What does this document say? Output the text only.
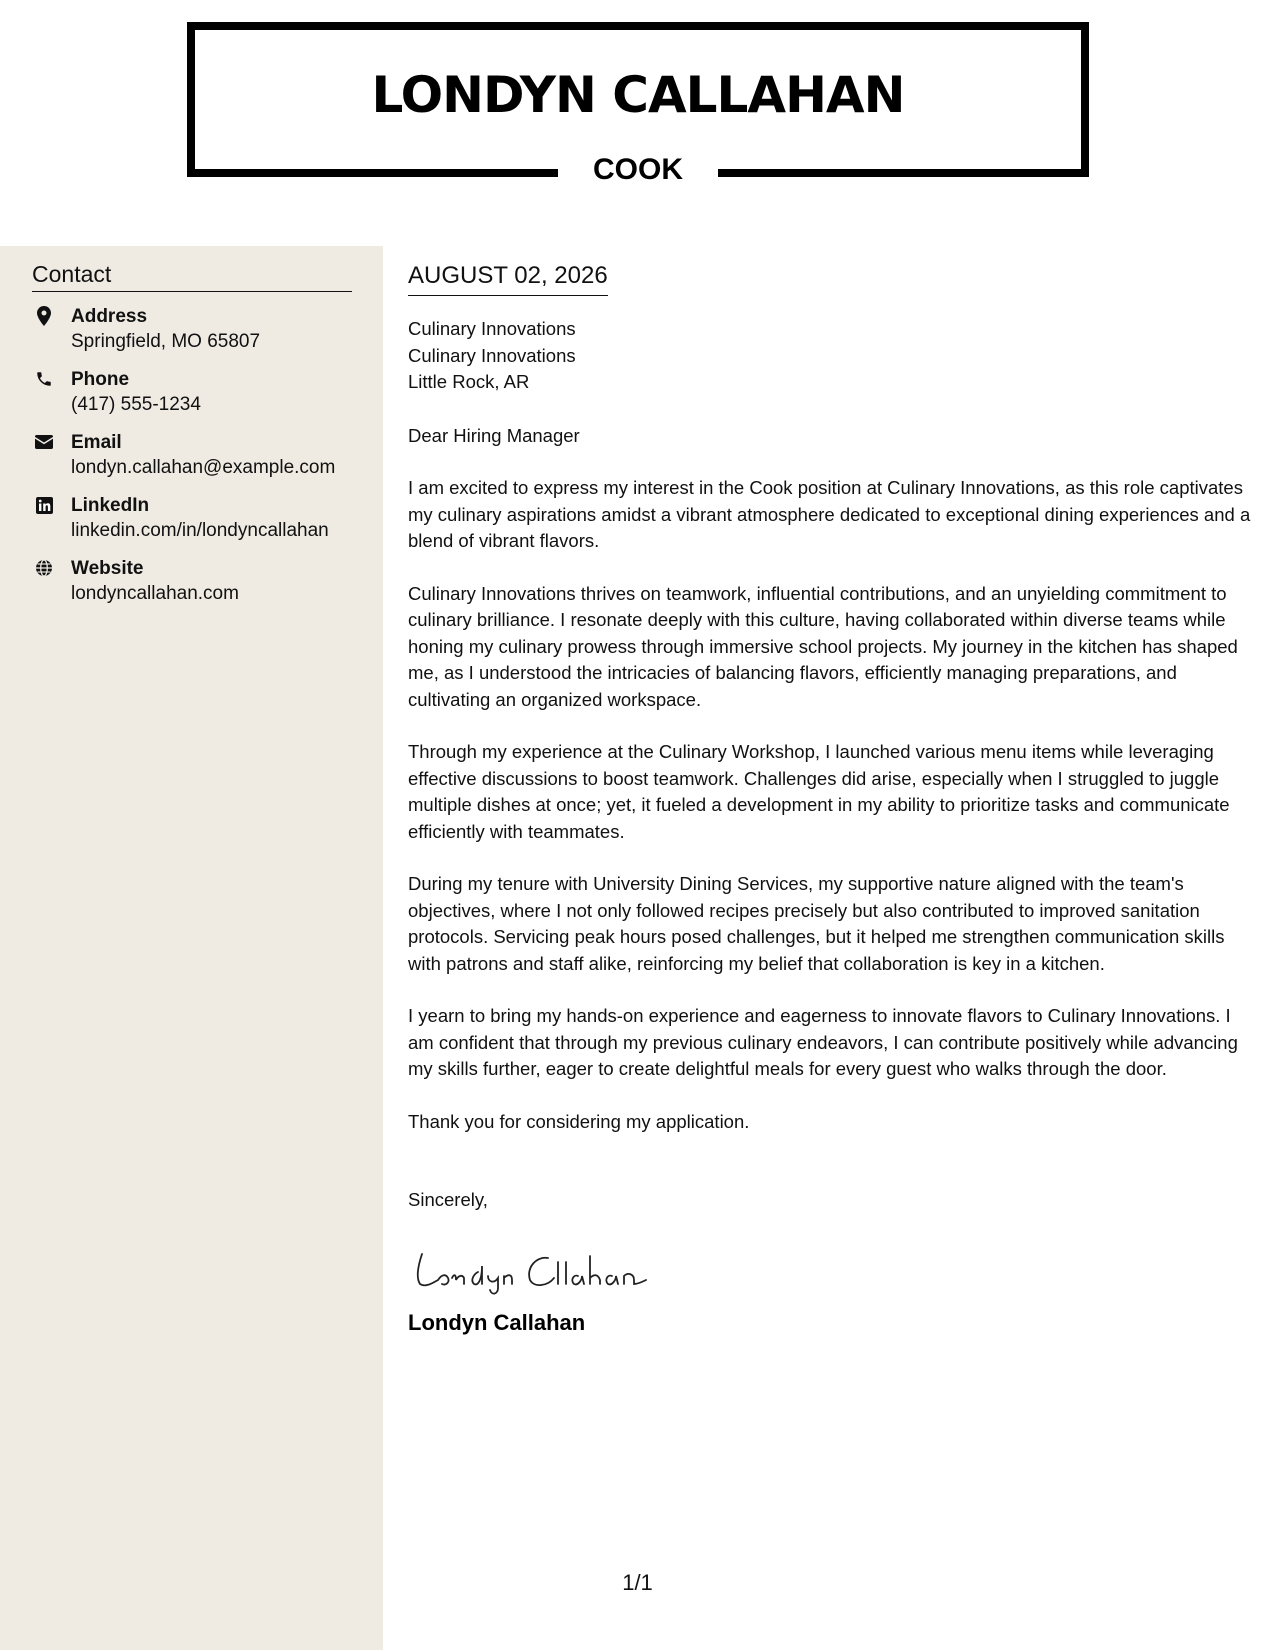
LONDYN CALLAHAN
COOK
Contact
Address
Springfield, MO 65807
Phone
(417) 555-1234
Email
londyn.callahan@example.com
LinkedIn
linkedin.com/in/londyncallahan
Website
londyncallahan.com
AUGUST 02, 2026
Culinary Innovations
Culinary Innovations
Little Rock, AR
Dear Hiring Manager

I am excited to express my interest in the Cook position at Culinary Innovations, as this role captivates my culinary aspirations amidst a vibrant atmosphere dedicated to exceptional dining experiences and a blend of vibrant flavors.

Culinary Innovations thrives on teamwork, influential contributions, and an unyielding commitment to culinary brilliance. I resonate deeply with this culture, having collaborated within diverse teams while honing my culinary prowess through immersive school projects. My journey in the kitchen has shaped me, as I understood the intricacies of balancing flavors, efficiently managing preparations, and cultivating an organized workspace.

Through my experience at the Culinary Workshop, I launched various menu items while leveraging effective discussions to boost teamwork. Challenges did arise, especially when I struggled to juggle multiple dishes at once; yet, it fueled a development in my ability to prioritize tasks and communicate efficiently with teammates.

During my tenure with University Dining Services, my supportive nature aligned with the team's objectives, where I not only followed recipes precisely but also contributed to improved sanitation protocols. Servicing peak hours posed challenges, but it helped me strengthen communication skills with patrons and staff alike, reinforcing my belief that collaboration is key in a kitchen.

I yearn to bring my hands-on experience and eagerness to innovate flavors to Culinary Innovations. I am confident that through my previous culinary endeavors, I can contribute positively while advancing my skills further, eager to create delightful meals for every guest who walks through the door.

Thank you for considering my application.

Sincerely,
Londyn Callahan
1/1
